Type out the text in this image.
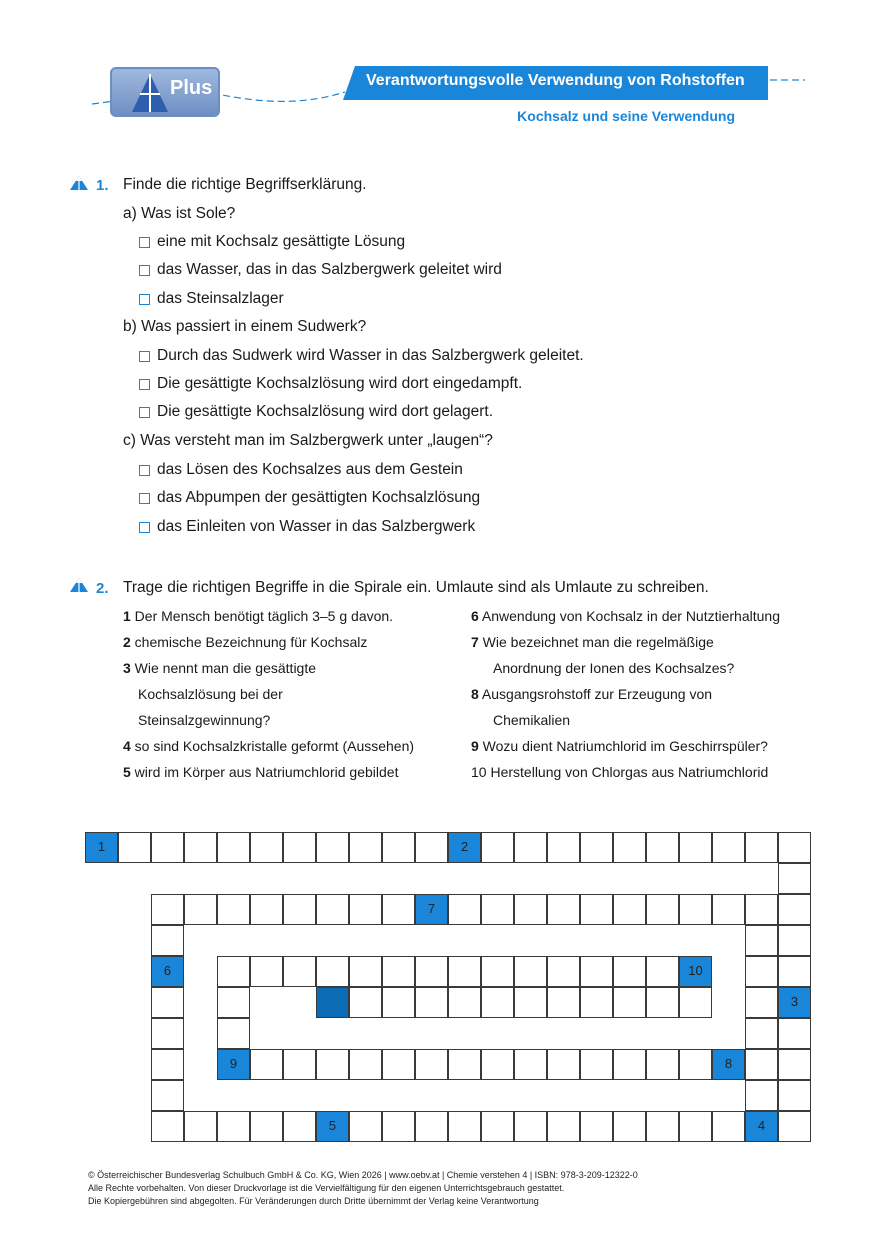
Plus	Verantwortungsvolle Verwendung von Rohstoffen
Kochsalz und seine Verwendung
1. Finde die richtige Begriffserklärung.
a) Was ist Sole?
eine mit Kochsalz gesättigte Lösung
das Wasser, das in das Salzbergwerk geleitet wird
das Steinsalzlager
b) Was passiert in einem Sudwerk?
Durch das Sudwerk wird Wasser in das Salzbergwerk geleitet.
Die gesättigte Kochsalzlösung wird dort eingedampft.
Die gesättigte Kochsalzlösung wird dort gelagert.
c) Was versteht man im Salzbergwerk unter „laugen“?
das Lösen des Kochsalzes aus dem Gestein
das Abpumpen der gesättigten Kochsalzlösung
das Einleiten von Wasser in das Salzbergwerk
2. Trage die richtigen Begriffe in die Spirale ein. Umlaute sind als Umlaute zu schreiben.
1 Der Mensch benötigt täglich 3–5 g davon.
2 chemische Bezeichnung für Kochsalz
3 Wie nennt man die gesättigte
Kochsalzlösung bei der
Steinsalzgewinnung?
4 so sind Kochsalzkristalle geformt (Aussehen)
5 wird im Körper aus Natriumchlorid gebildet
6 Anwendung von Kochsalz in der Nutztierhaltung
7 Wie bezeichnet man die regelmäßige
Anordnung der Ionen des Kochsalzes?
8 Ausgangsrohstoff zur Erzeugung von
Chemikalien
9 Wozu dient Natriumchlorid im Geschirrspüler?
10 Herstellung von Chlorgas aus Natriumchlorid
1	2
3
5	4
7
6	10
9	8
© Österreichischer Bundesverlag Schulbuch GmbH & Co. KG, Wien 2026 | www.oebv.at | Chemie verstehen 4 | ISBN: 978-3-209-12322-0
Alle Rechte vorbehalten. Von dieser Druckvorlage ist die Vervielfältigung für den eigenen Unterrichtsgebrauch gestattet.
Die Kopiergebühren sind abgegolten. Für Veränderungen durch Dritte übernimmt der Verlag keine Verantwortung
